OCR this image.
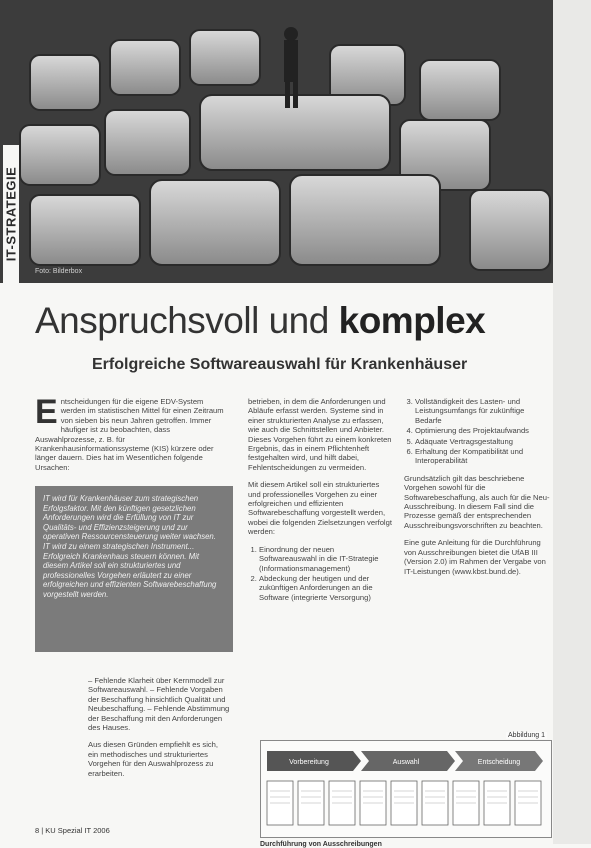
Foto: Bilderbox
IT-STRATEGIE
Anspruchsvoll und komplex
Erfolgreiche Softwareauswahl für Krankenhäuser

Entscheidungen für die eigene EDV-System werden im statistischen Mittel für einen Zeitraum von sieben bis neun Jahren getroffen. Immer häufiger ist zu beobachten, dass Auswahlprozesse, z. B. für Krankenhausinformationssysteme (KIS) kürzere oder länger dauern. Dies hat im Wesentlichen folgende Ursachen:

IT wird für Krankenhäuser zum strategischen Erfolgsfaktor. Mit den künftigen gesetzlichen Anforderungen wird die Erfüllung von IT zur Qualitäts- und Effizienzsteigerung und zur operativen Ressourcensteuerung weiter wachsen. IT wird zu einem strategischen Instrument... Erfolgreich Krankenhaus steuern können. Mit diesem Artikel soll ein strukturiertes und professionelles Vorgehen erläutert zu einer erfolgreichen und effizienten Softwarebeschaffung vorgestellt werden.

– Fehlende Klarheit über Kernmodell zur Softwareauswahl. – Fehlende Vorgaben der Beschaffung hinsichtlich Qualität und Neubeschaffung. – Fehlende Abstimmung der Beschaffung mit den Anforderungen des Hauses.

Aus diesen Gründen empfiehlt es sich, ein methodisches und strukturiertes Vorgehen für den Auswahlprozess zu erarbeiten.

betrieben, in dem die Anforderungen und Abläufe erfasst werden. Systeme sind in einer strukturierten Analyse zu erfassen, wie auch die Schnittstellen und Anbieter. Dieses Vorgehen führt zu einem konkreten Ergebnis, das in einem Pflichtenheft festgehalten wird, und hilft dabei, Fehlentscheidungen zu vermeiden.

Mit diesem Artikel soll ein strukturiertes und professionelles Vorgehen zu einer erfolgreichen und effizienten Softwarebeschaffung vorgestellt werden, wobei die folgenden Zielsetzungen verfolgt werden:

1. Einordnung der neuen Softwareauswahl in die IT-Strategie (Informationsmanagement)
2. Abdeckung der heutigen und der zukünftigen Anforderungen an die Software (integrierte Versorgung)
3. Vollständigkeit des Lasten- und Leistungsumfangs für zukünftige Bedarfe
4. Optimierung des Projektaufwands
5. Adäquate Vertragsgestaltung
6. Erhaltung der Kompatibilität und Interoperabilität

Grundsätzlich gilt das beschriebene Vorgehen sowohl für die Softwarebeschaffung, als auch für die Neu-Ausschreibung. In diesem Fall sind die Prozesse gemäß der entsprechenden Ausschreibungsvorschriften zu beachten.

Eine gute Anleitung für die Durchführung von Ausschreibungen bietet die UfAB III (Version 2.0) im Rahmen der Vergabe von IT-Leistungen (www.kbst.bund.de).

Abbildung 1
Vorbereitung	Auswahl	Entscheidung
Durchführung von Ausschreibungen
8 | KU Spezial IT 2006
